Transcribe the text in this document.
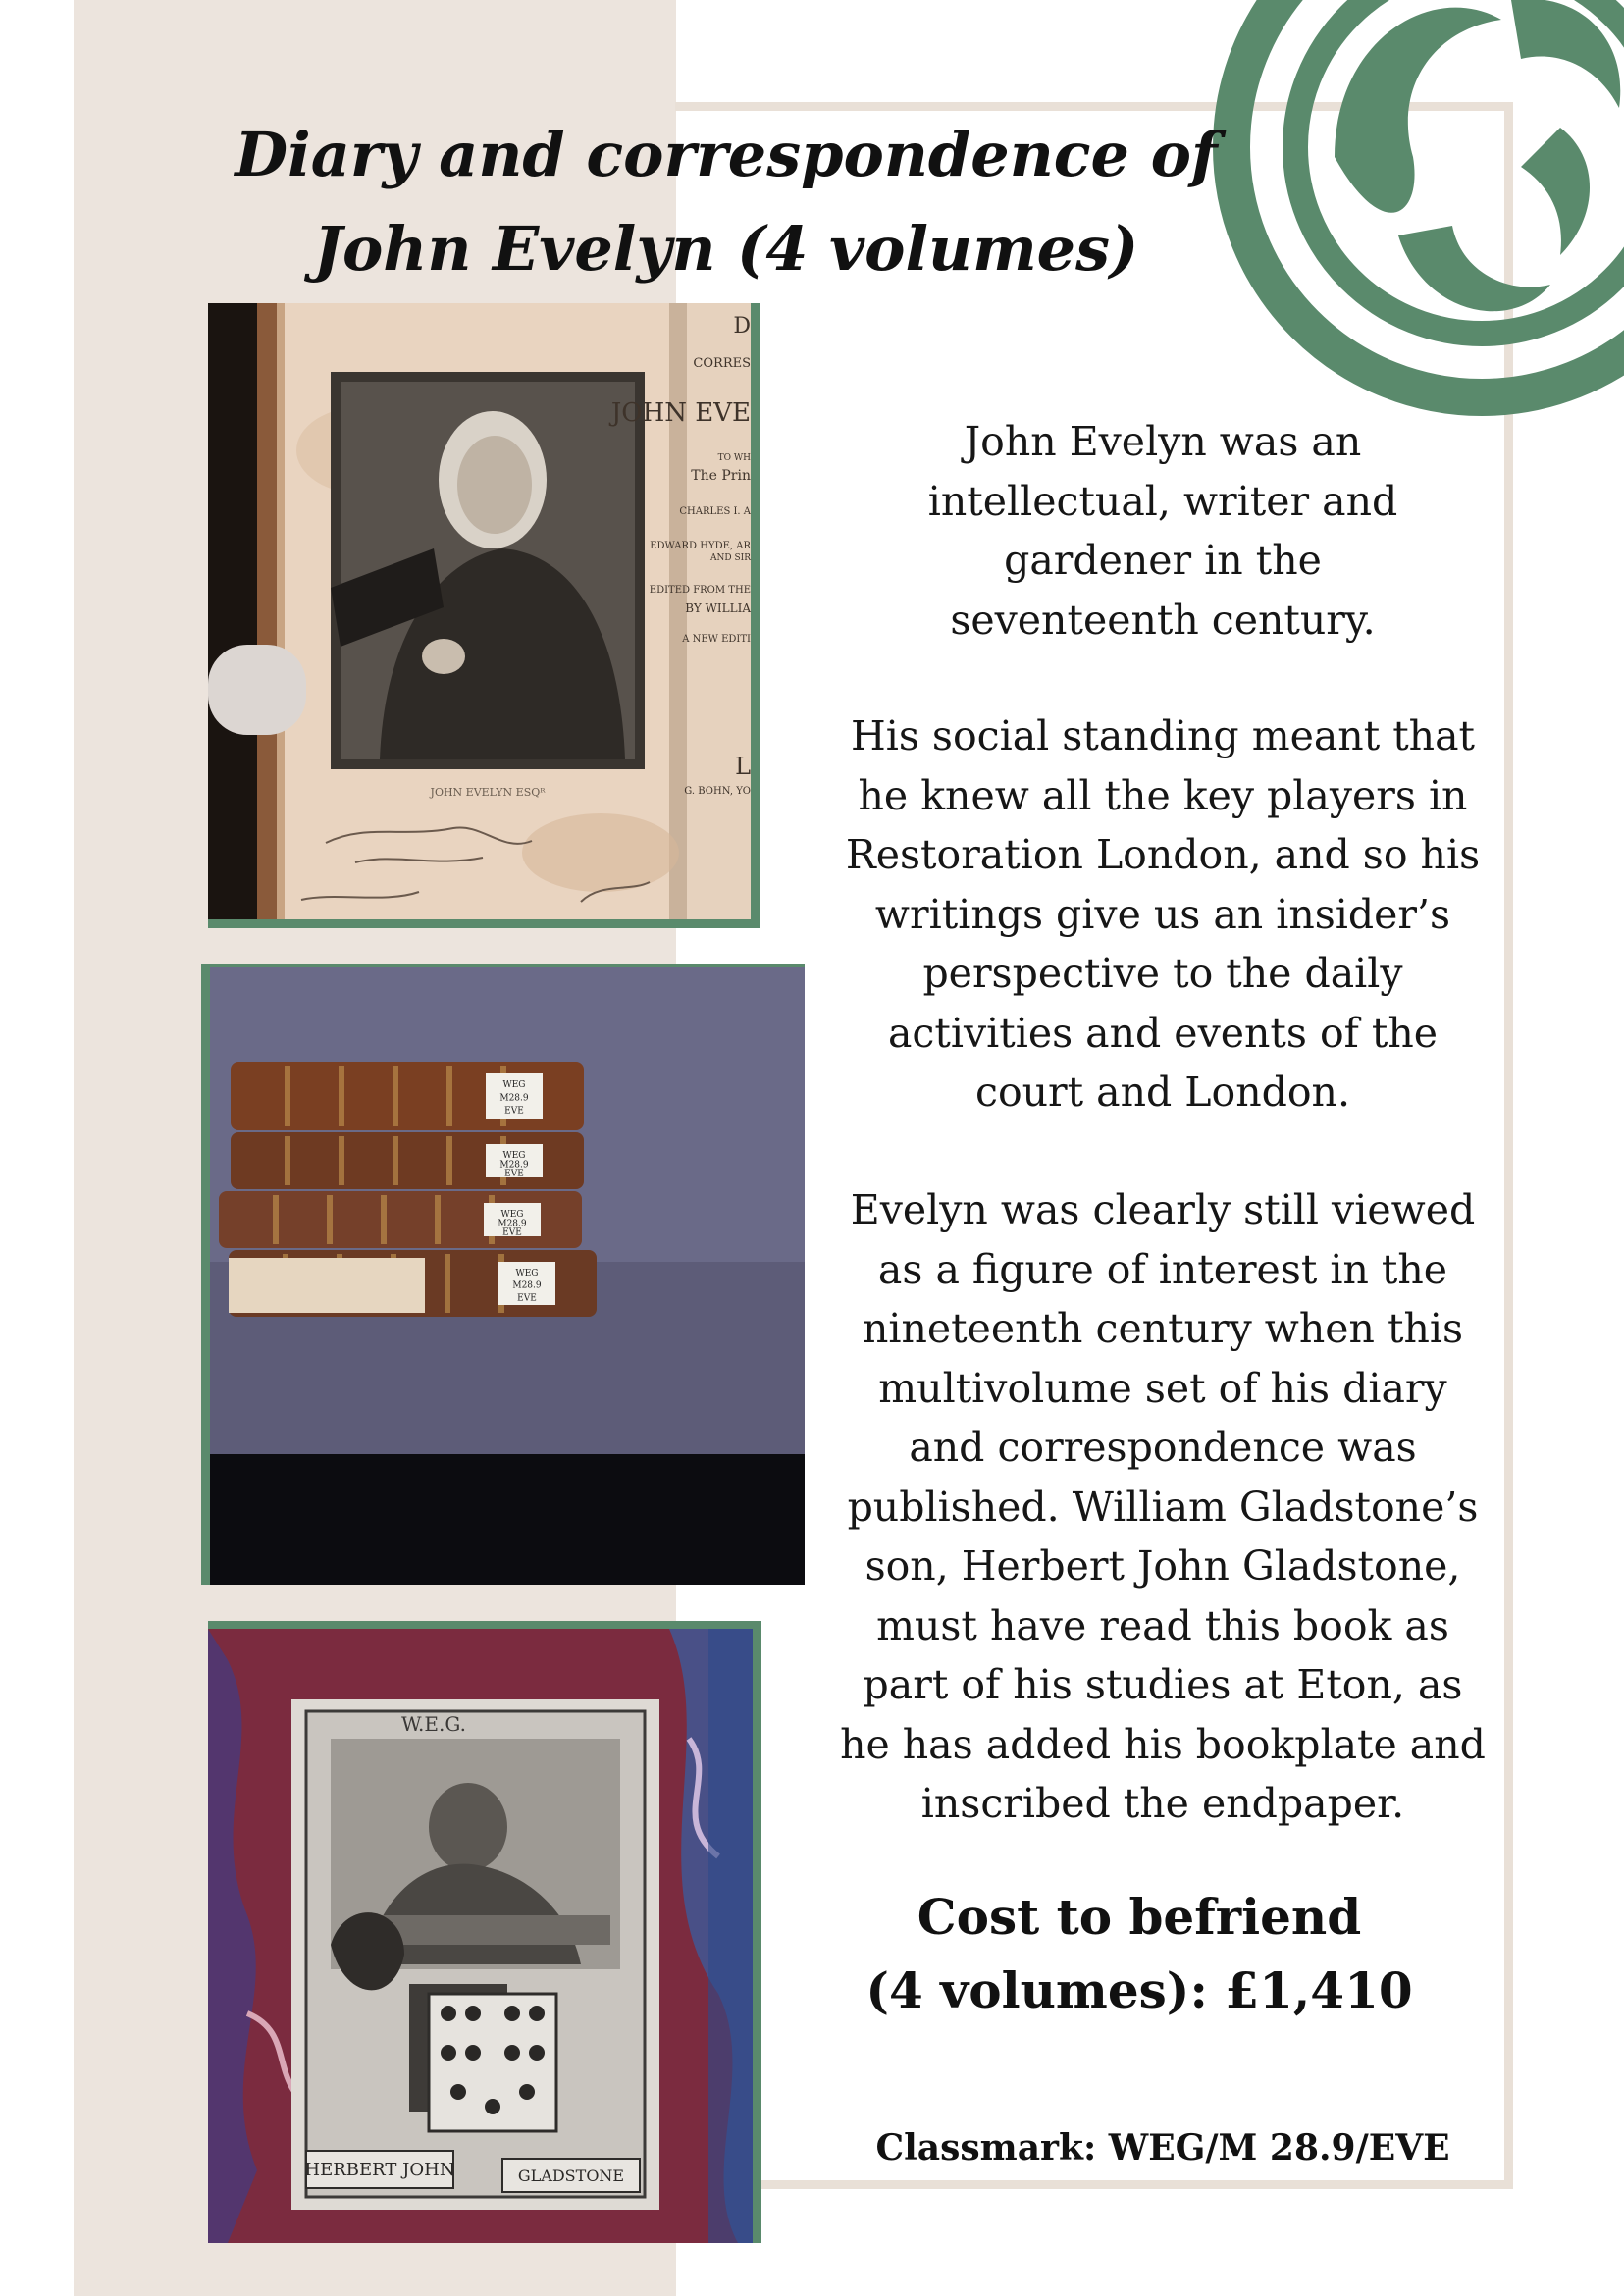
Diary and correspondence of
John Evelyn (4 volumes)
JOHN EVELYN ESQᴿ
D
CORRES
JOHN EVE
TO WH
The Prin
CHARLES I. A
EDWARD HYDE, AR
AND SIR
EDITED FROM THE
BY WILLIA
A NEW EDITI
L
G. BOHN, YO
WEG
M28.9
EVE
WEG
M28.9
EVE
WEG
M28.9
EVE
WEG
M28.9
EVE
W.E.G.
HERBERT JOHN	GLADSTONE
John Evelyn was an
intellectual, writer and
gardener in the
seventeenth century.
His social standing meant that
he knew all the key players in
Restoration London, and so his
writings give us an insider’s
perspective to the daily
activities and events of the
court and London.
Evelyn was clearly still viewed
as a figure of interest in the
nineteenth century when this
multivolume set of his diary
and correspondence was
published. William Gladstone’s
son, Herbert John Gladstone,
must have read this book as
part of his studies at Eton, as
he has added his bookplate and
inscribed the endpaper.
Cost to befriend
(4 volumes): £1,410
Classmark: WEG/M 28.9/EVE
